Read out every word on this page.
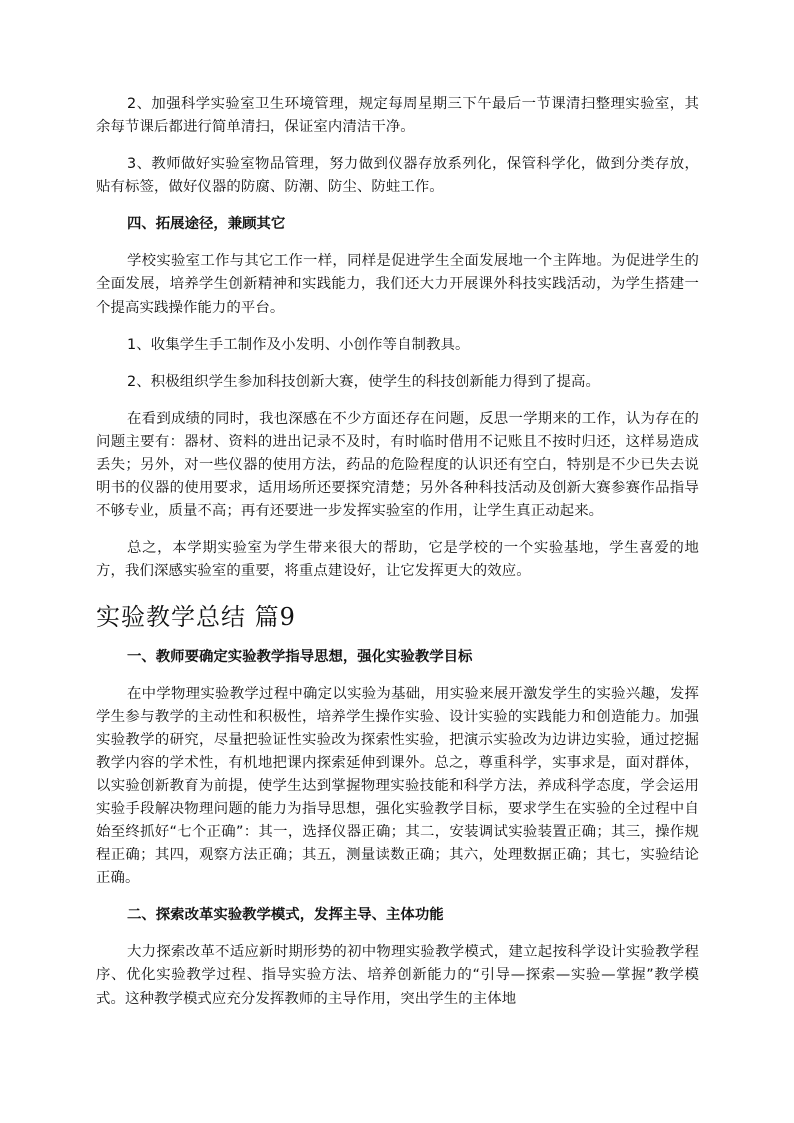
2、加强科学实验室卫生环境管理，规定每周星期三下午最后一节课清扫整理实验室，其余每节课后都进行简单清扫，保证室内清洁干净。

3、教师做好实验室物品管理，努力做到仪器存放系列化，保管科学化，做到分类存放，贴有标签，做好仪器的防腐、防潮、防尘、防蛀工作。

四、拓展途径，兼顾其它

学校实验室工作与其它工作一样，同样是促进学生全面发展地一个主阵地。为促进学生的全面发展，培养学生创新精神和实践能力，我们还大力开展课外科技实践活动，为学生搭建一个提高实践操作能力的平台。

1、收集学生手工制作及小发明、小创作等自制教具。

2、积极组织学生参加科技创新大赛，使学生的科技创新能力得到了提高。

在看到成绩的同时，我也深感在不少方面还存在问题，反思一学期来的工作，认为存在的问题主要有：器材、资料的进出记录不及时，有时临时借用不记账且不按时归还，这样易造成丢失；另外，对一些仪器的使用方法，药品的危险程度的认识还有空白，特别是不少已失去说明书的仪器的使用要求，适用场所还要探究清楚；另外各种科技活动及创新大赛参赛作品指导不够专业，质量不高；再有还要进一步发挥实验室的作用，让学生真正动起来。

总之，本学期实验室为学生带来很大的帮助，它是学校的一个实验基地，学生喜爱的地方，我们深感实验室的重要，将重点建设好，让它发挥更大的效应。

实验教学总结 篇9

一、教师要确定实验教学指导思想，强化实验教学目标

在中学物理实验教学过程中确定以实验为基础，用实验来展开激发学生的实验兴趣，发挥学生参与教学的主动性和积极性，培养学生操作实验、设计实验的实践能力和创造能力。加强实验教学的研究，尽量把验证性实验改为探索性实验，把演示实验改为边讲边实验，通过挖掘教学内容的学术性，有机地把课内探索延伸到课外。总之，尊重科学，实事求是，面对群体，以实验创新教育为前提，使学生达到掌握物理实验技能和科学方法，养成科学态度，学会运用实验手段解决物理问题的能力为指导思想，强化实验教学目标，要求学生在实验的全过程中自始至终抓好“七个正确”：其一，选择仪器正确；其二，安装调试实验装置正确；其三，操作规程正确；其四，观察方法正确；其五，测量读数正确；其六，处理数据正确；其七，实验结论正确。

二、探索改革实验教学模式，发挥主导、主体功能

大力探索改革不适应新时期形势的初中物理实验教学模式，建立起按科学设计实验教学程序、优化实验教学过程、指导实验方法、培养创新能力的“引导—探索—实验—掌握”教学模式。这种教学模式应充分发挥教师的主导作用，突出学生的主体地
